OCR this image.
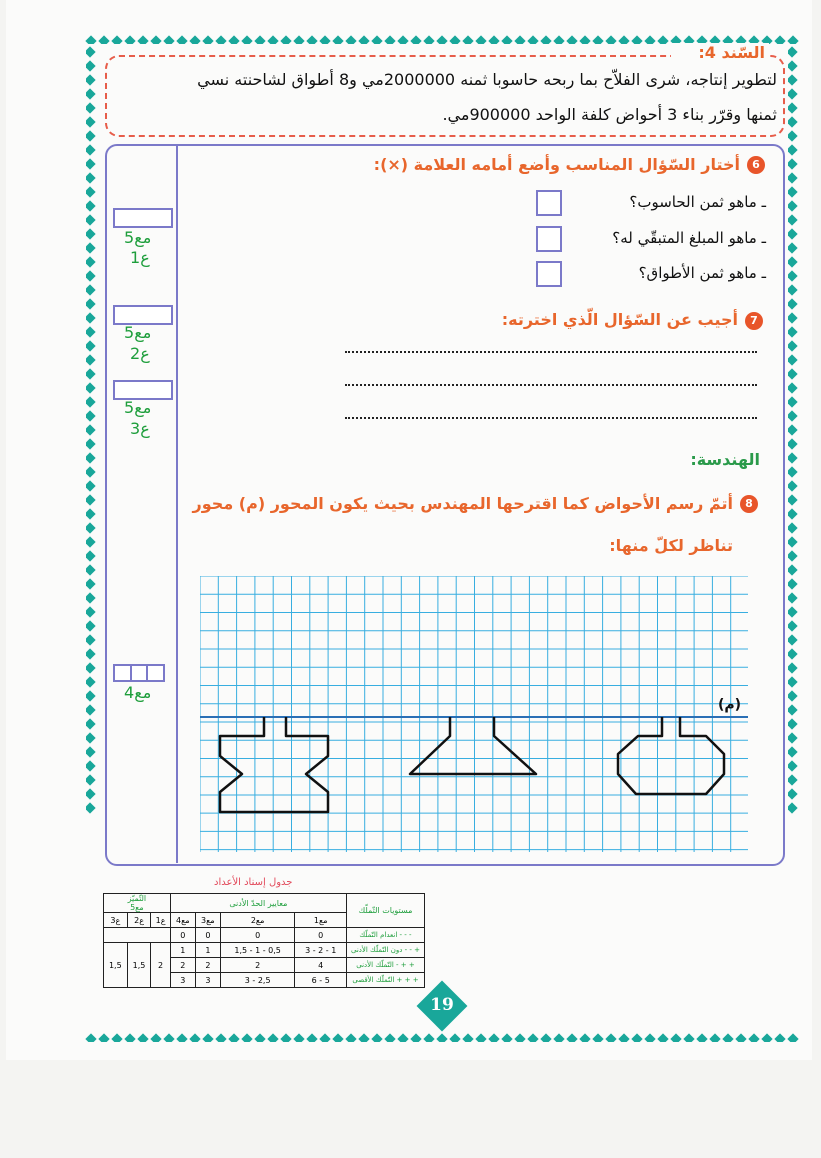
السّند 4:
لتطوير إنتاجه، شرى الفلاّح بما ربحه حاسوبا ثمنه 2000000مي و8 أطواق لشاحنته نسي
ثمنها وقرّر بناء 3 أحواض كلفة الواحد 900000مي.
6
أختار السّؤال المناسب وأضع أمامه العلامة (×):
ـ ماهو ثمن الحاسوب؟
ـ ماهو المبلغ المتبقّي له؟
ـ ماهو ثمن الأطواق؟
7
أجيب عن السّؤال الّذي اخترته:
الهندسة:
8
أتمّ رسم الأحواض كما اقترحها المهندس بحيث يكون المحور (م) محور
تناظر لكلّ منها:
(م)
مع5
ع1
مع5
ع2
مع5
ع3
مع4
جدول إسناد الأعداد
التّميّز
مع5			معايير الحدّ الأدنى				مستويات التّملّك
ع3	ع2	ع1	مع4	مع3	مع2	مع1	
			0	0	0	0	انعدام التّملّك - - -
1,5	1,5	2	1	1	1,5 - 1 - 0,5	3 - 2 - 1	دون التّملّك الأدنى - - +
			2	2	2	4	التّملّك الأدنى - + +
			3	3	3 - 2,5	6 - 5	التّملّك الأقصى + + +
19
